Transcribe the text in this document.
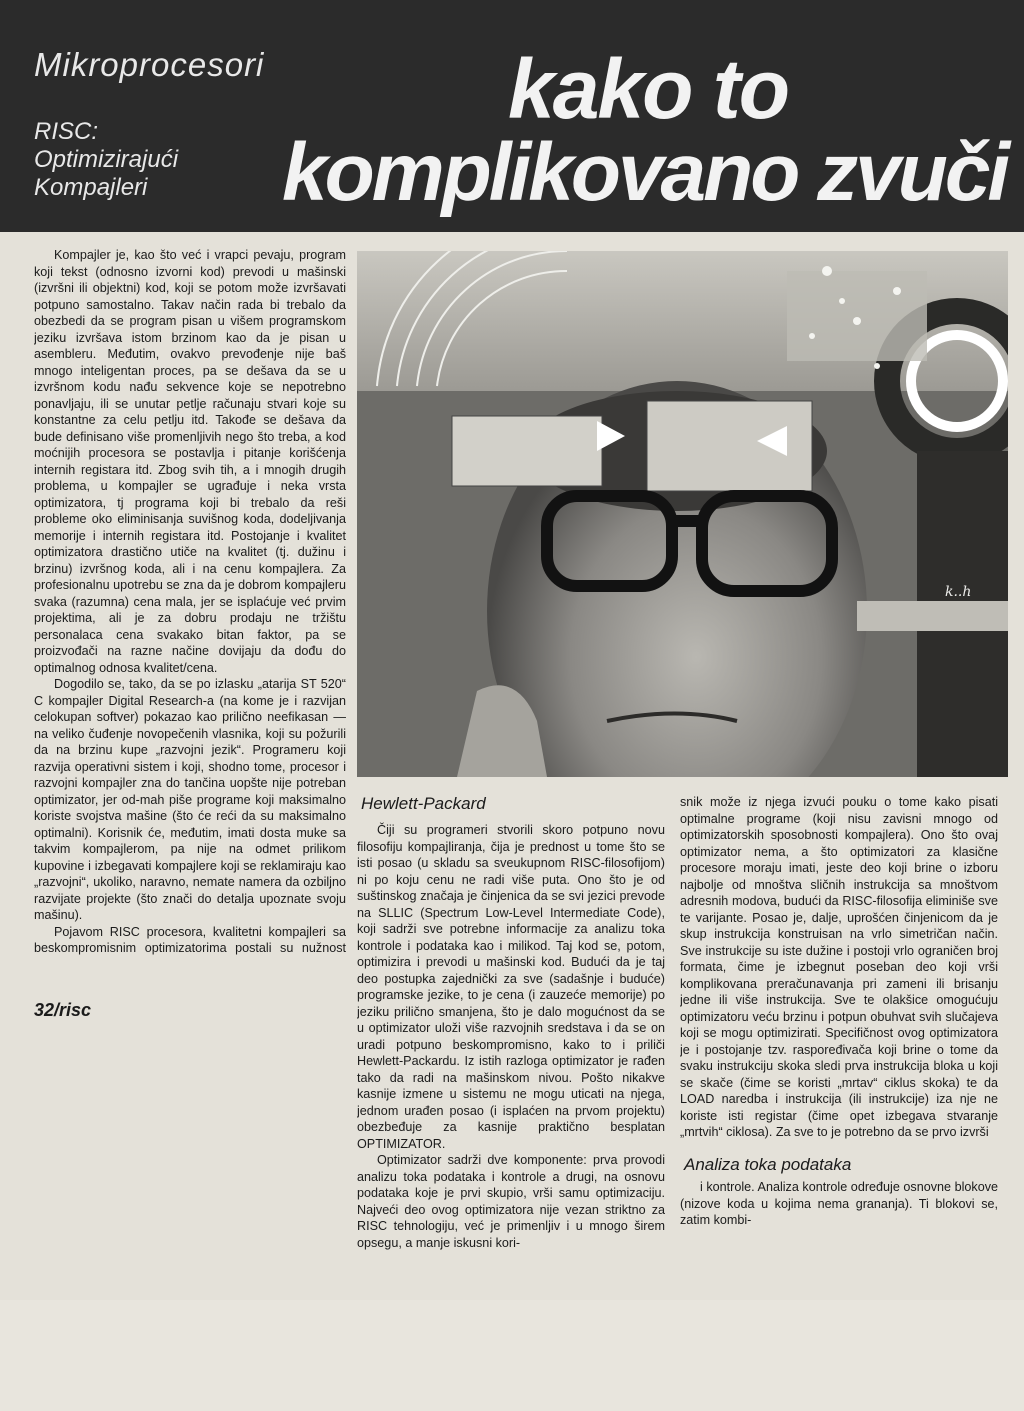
Mikroprocesori
RISC:
Optimizirajući
Kompajleri
kako to
komplikovano zvuči

Kompajler je, kao što već i vrapci pevaju, program koji tekst (odnosno izvorni kod) prevodi u mašinski (izvršni ili objektni) kod, koji se potom može izvršavati potpuno samostalno. Takav način rada bi trebalo da obezbedi da se program pisan u višem programskom jeziku izvršava istom brzinom kao da je pisan u asembleru. Međutim, ovakvo prevođenje nije baš mnogo inteligentan proces, pa se dešava da se u izvršnom kodu nađu sekvence koje se nepotrebno ponavljaju, ili se unutar petlje računaju stvari koje su konstantne za celu petlju itd. Takođe se dešava da bude definisano više promenljivih nego što treba, a kod moćnijih procesora se postavlja i pitanje korišćenja internih registara itd. Zbog svih tih, a i mnogih drugih problema, u kompajler se ugrađuje i neka vrsta optimizatora, tj programa koji bi trebalo da reši probleme oko eliminisanja suvišnog koda, dodeljivanja memorije i internih registara itd. Postojanje i kvalitet optimizatora drastično utiče na kvalitet (tj. dužinu i brzinu) izvršnog koda, ali i na cenu kompajlera. Za profesionalnu upotrebu se zna da je dobrom kompajleru svaka (razumna) cena mala, jer se isplaćuje već prvim projektima, ali je za dobru prodaju ne tržištu personalaca cena svakako bitan faktor, pa se proizvođači na razne načine dovijaju da dođu do optimalnog odnosa kvalitet/cena.

Dogodilo se, tako, da se po izlasku „atarija ST 520“ C kompajler Digital Research-a (na kome je i razvijan celokupan softver) pokazao kao prilično neefikasan — na veliko čuđenje novopečenih vlasnika, koji su požurili da na brzinu kupe „razvojni jezik“. Programeru koji razvija operativni sistem i koji, shodno tome, procesor i razvojni kompajler zna do tančina uopšte nije potreban optimizator, jer od-mah piše programe koji maksimalno koriste svojstva mašine (što će reći da su maksimalno optimalni). Korisnik će, međutim, imati dosta muke sa takvim kompajlerom, pa nije na odmet prilikom kupovine i izbegavati kompajlere koji se reklamiraju kao „razvojni“, ukoliko, naravno, nemate namera da ozbiljno razvijate projekte (što znači do detalja upoznate svoju mašinu).

Pojavom RISC procesora, kvalitetni kompajleri sa beskompromisnim optimizatorima postali su nužnost

32/risc
k..h
Hewlett-Packard

Čiji su programeri stvorili skoro potpuno novu filosofiju kompajliranja, čija je prednost u tome što se isti posao (u skladu sa sveukupnom RISC-filosofijom) ni po koju cenu ne radi više puta. Ono što je od suštinskog značaja je činjenica da se svi jezici prevode na SLLIC (Spectrum Low-Level Intermediate Code), koji sadrži sve potrebne informacije za analizu toka kontrole i podataka kao i milikod. Taj kod se, potom, optimizira i prevodi u mašinski kod. Budući da je taj deo postupka zajednički za sve (sadašnje i buduće) programske jezike, to je cena (i zauzeće memorije) po jeziku prilično smanjena, što je dalo mogućnost da se u optimizator uloži više razvojnih sredstava i da se on uradi potpuno beskompromisno, kako to i priliči Hewlett-Packardu. Iz istih razloga optimizator je rađen tako da radi na mašinskom nivou. Pošto nikakve kasnije izmene u sistemu ne mogu uticati na njega, jednom urađen posao (i isplaćen na prvom projektu) obezbeđuje za kasnije praktično besplatan OPTIMIZATOR.

Optimizator sadrži dve komponente: prva provodi analizu toka podataka i kontrole a drugi, na osnovu podataka koje je prvi skupio, vrši samu optimizaciju. Najveći deo ovog optimizatora nije vezan striktno za RISC tehnologiju, već je primenljiv i u mnogo širem opsegu, a manje iskusni kori-

snik može iz njega izvući pouku o tome kako pisati optimalne programe (koji nisu zavisni mnogo od optimizatorskih sposobnosti kompajlera). Ono što ovaj optimizator nema, a što optimizatori za klasične procesore moraju imati, jeste deo koji brine o izboru najbolje od mnoštva sličnih instrukcija sa mnoštvom adresnih modova, budući da RISC-filosofija eliminiše sve te varijante. Posao je, dalje, uprošćen činjenicom da je skup instrukcija konstruisan na vrlo simetričan način. Sve instrukcije su iste dužine i postoji vrlo ograničen broj formata, čime je izbegnut poseban deo koji vrši komplikovana preračunavanja pri zameni ili brisanju jedne ili više instrukcija. Sve te olakšice omogućuju optimizatoru veću brzinu i potpun obuhvat svih slučajeva koji se mogu optimizirati. Specifičnost ovog optimizatora je i postojanje tzv. raspoređivača koji brine o tome da svaku instrukciju skoka sledi prva instrukcija bloka u koji se skače (čime se koristi „mrtav“ ciklus skoka) te da LOAD naredba i instrukcija (ili instrukcije) iza nje ne koriste isti registar (čime opet izbegava stvaranje „mrtvih“ ciklosa). Za sve to je potrebno da se prvo izvrši

Analiza toka podataka

i kontrole. Analiza kontrole određuje osnovne blokove (nizove koda u kojima nema grananja). Ti blokovi se, zatim kombi-
